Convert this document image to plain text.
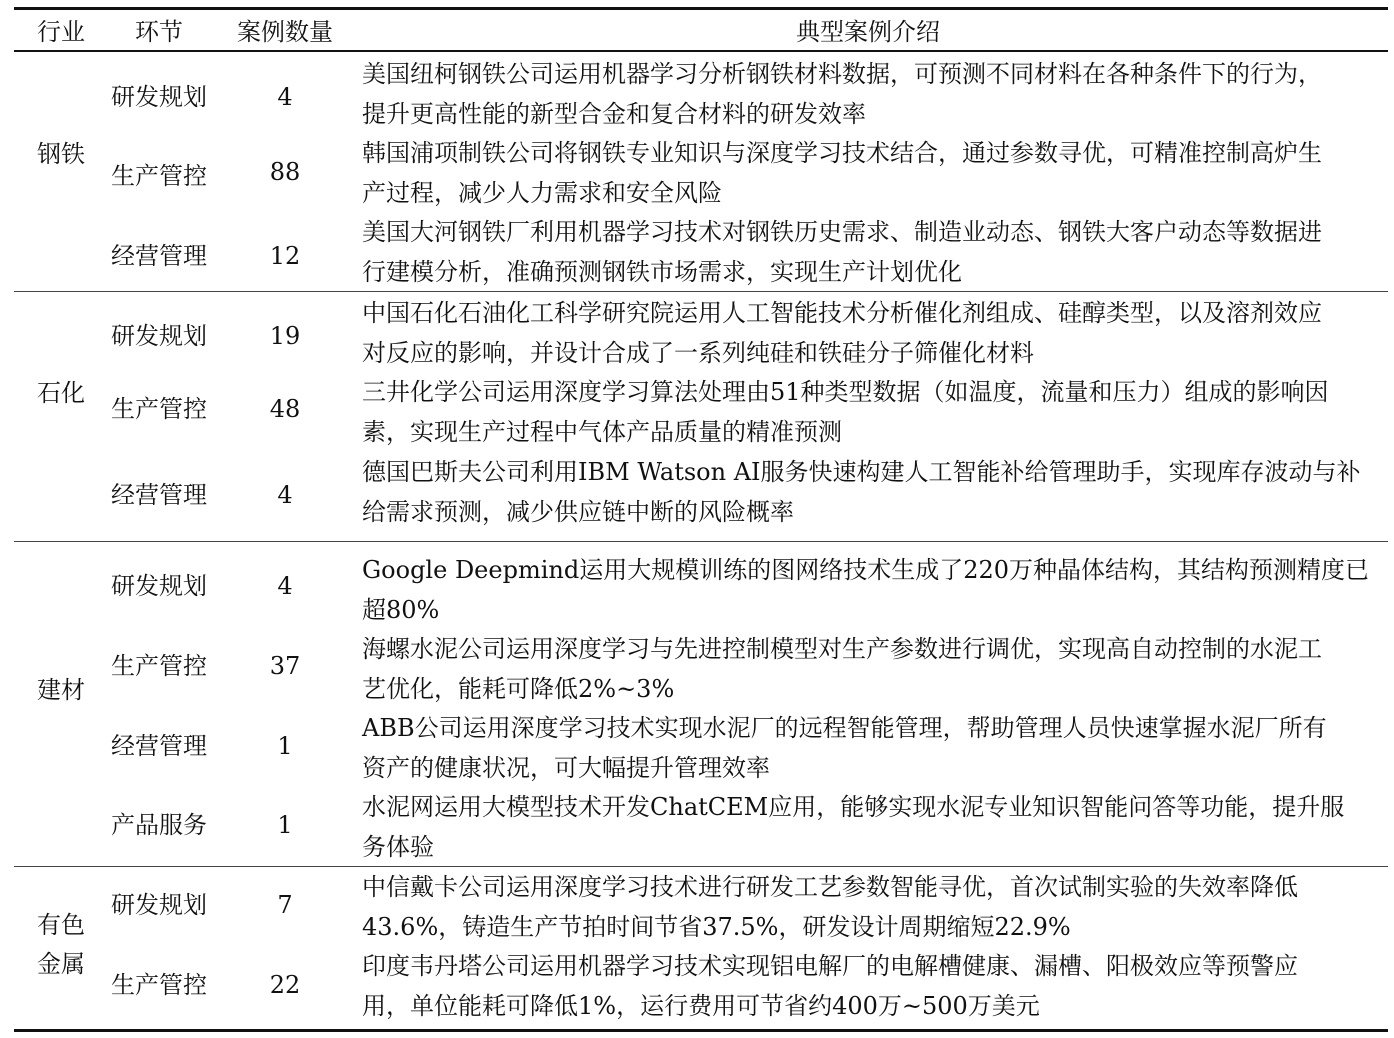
行业	环节	案例数量	典型案例介绍
钢铁
研发规划	4
美国纽柯钢铁公司运用机器学习分析钢铁材料数据，可预测不同材料在各种条件下的行为，
提升更高性能的新型合金和复合材料的研发效率
生产管控	88
韩国浦项制铁公司将钢铁专业知识与深度学习技术结合，通过参数寻优，可精准控制高炉生
产过程，减少人力需求和安全风险
经营管理	12
美国大河钢铁厂利用机器学习技术对钢铁历史需求、制造业动态、钢铁大客户动态等数据进
行建模分析，准确预测钢铁市场需求，实现生产计划优化
石化
研发规划	19
中国石化石油化工科学研究院运用人工智能技术分析催化剂组成、硅醇类型，以及溶剂效应
对反应的影响，并设计合成了一系列纯硅和铁硅分子筛催化材料
生产管控	48
三井化学公司运用深度学习算法处理由51种类型数据（如温度，流量和压力）组成的影响因
素，实现生产过程中气体产品质量的精准预测
经营管理	4
德国巴斯夫公司利用IBM Watson AI服务快速构建人工智能补给管理助手，实现库存波动与补
给需求预测，减少供应链中断的风险概率
建材
研发规划	4
Google Deepmind运用大规模训练的图网络技术生成了220万种晶体结构，其结构预测精度已
超80%
生产管控	37
海螺水泥公司运用深度学习与先进控制模型对生产参数进行调优，实现高自动控制的水泥工
艺优化，能耗可降低2%~3%
经营管理	1
ABB公司运用深度学习技术实现水泥厂的远程智能管理，帮助管理人员快速掌握水泥厂所有
资产的健康状况，可大幅提升管理效率
产品服务	1
水泥网运用大模型技术开发ChatCEM应用，能够实现水泥专业知识智能问答等功能，提升服
务体验
有色
金属
研发规划	7
中信戴卡公司运用深度学习技术进行研发工艺参数智能寻优，首次试制实验的失效率降低
43.6%，铸造生产节拍时间节省37.5%，研发设计周期缩短22.9%
生产管控	22
印度韦丹塔公司运用机器学习技术实现铝电解厂的电解槽健康、漏槽、阳极效应等预警应
用，单位能耗可降低1%，运行费用可节省约400万~500万美元
